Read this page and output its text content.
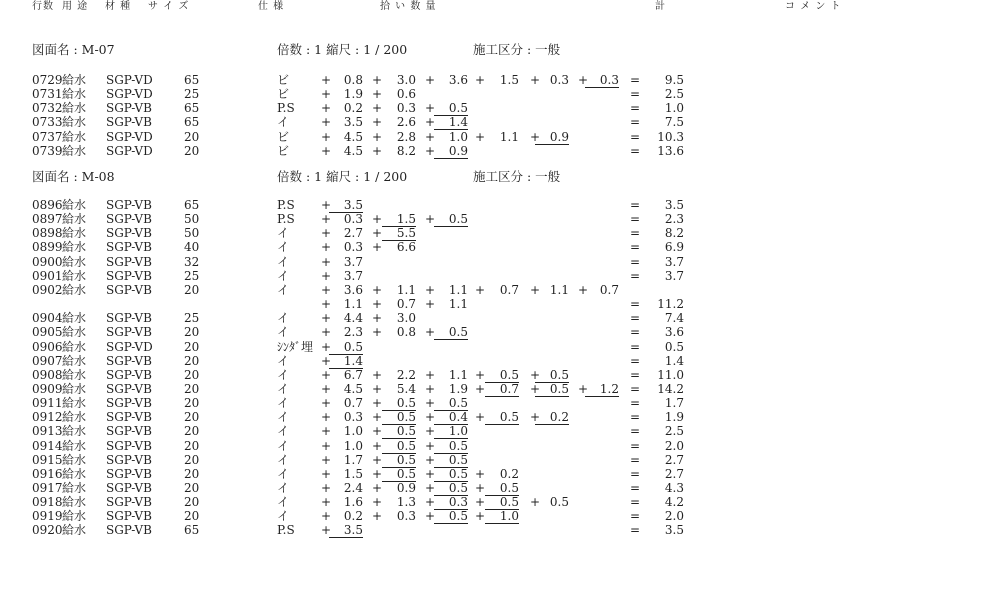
行数 用 途 材 種 サ イ ズ	仕 様	拾 い 数 量	計	コ メ ン ト
図面名 : M-07	倍数 : 1 縮尺 : 1 / 200	施工区分 : 一般
0729 給水 SGP-VD	65	ビ	+	0.8 +	3.0 +	3.6 +	1.5 + 0.3 + 0.3 =	9.5
0731 給水 SGP-VD	25	ビ	+	1.9 +	0.6	=	2.5
0732 給水 SGP-VB	65	P.S +	0.2 +	0.3 +	0.5	=	1.0
0733 給水 SGP-VB	65	イ	+	3.5 +	2.6 +	1.4	=	7.5
0737 給水 SGP-VD	20	ビ	+	4.5 +	2.8 +	1.0 +	1.1 + 0.9	=	10.3
0739 給水 SGP-VD	20	ビ	+	4.5 +	8.2 +	0.9	=	13.6
図面名 : M-08	倍数 : 1 縮尺 : 1 / 200	施工区分 : 一般
0896 給水 SGP-VB	65	P.S +	3.5	=	3.5
0897 給水 SGP-VB	50	P.S +	0.3 +	1.5 +	0.5	=	2.3
0898 給水 SGP-VB	50	イ	+	2.7 +	5.5	=	8.2
0899 給水 SGP-VB	40	イ	+	0.3 +	6.6	=	6.9
0900 給水 SGP-VB	32	イ	+	3.7	=	3.7
0901 給水 SGP-VB	25	イ	+	3.7	=	3.7
0902 給水 SGP-VB	20	イ	+	3.6 +	1.1 +	1.1 +	0.7 + 1.1 + 0.7
+	1.1 +	0.7 +	1.1	=	11.2
0904 給水 SGP-VB	25	イ	+	4.4 +	3.0	=	7.4
0905 給水 SGP-VB	20	イ	+	2.3 +	0.8 +	0.5	=	3.6
0906 給水 SGP-VD	20	ｼﾝﾀﾞ埋 +	0.5	=	0.5
0907 給水 SGP-VB	20	イ	+	1.4	=	1.4
0908 給水 SGP-VB	20	イ	+	6.7 +	2.2 +	1.1 +	0.5 + 0.5	=	11.0
0909 給水 SGP-VB	20	イ	+	4.5 +	5.4 +	1.9 +	0.7 + 0.5 + 1.2 =	14.2
0911 給水 SGP-VB	20	イ	+	0.7 +	0.5 +	0.5	=	1.7
0912 給水 SGP-VB	20	イ	+	0.3 +	0.5 +	0.4 +	0.5 + 0.2	=	1.9
0913 給水 SGP-VB	20	イ	+	1.0 +	0.5 +	1.0	=	2.5
0914 給水 SGP-VB	20	イ	+	1.0 +	0.5 +	0.5	=	2.0
0915 給水 SGP-VB	20	イ	+	1.7 +	0.5 +	0.5	=	2.7
0916 給水 SGP-VB	20	イ	+	1.5 +	0.5 +	0.5 +	0.2	=	2.7
0917 給水 SGP-VB	20	イ	+	2.4 +	0.9 +	0.5 +	0.5	=	4.3
0918 給水 SGP-VB	20	イ	+	1.6 +	1.3 +	0.3 +	0.5 + 0.5	=	4.2
0919 給水 SGP-VB	20	イ	+	0.2 +	0.3 +	0.5 +	1.0	=	2.0
0920 給水 SGP-VB	65	P.S +	3.5	=	3.5
